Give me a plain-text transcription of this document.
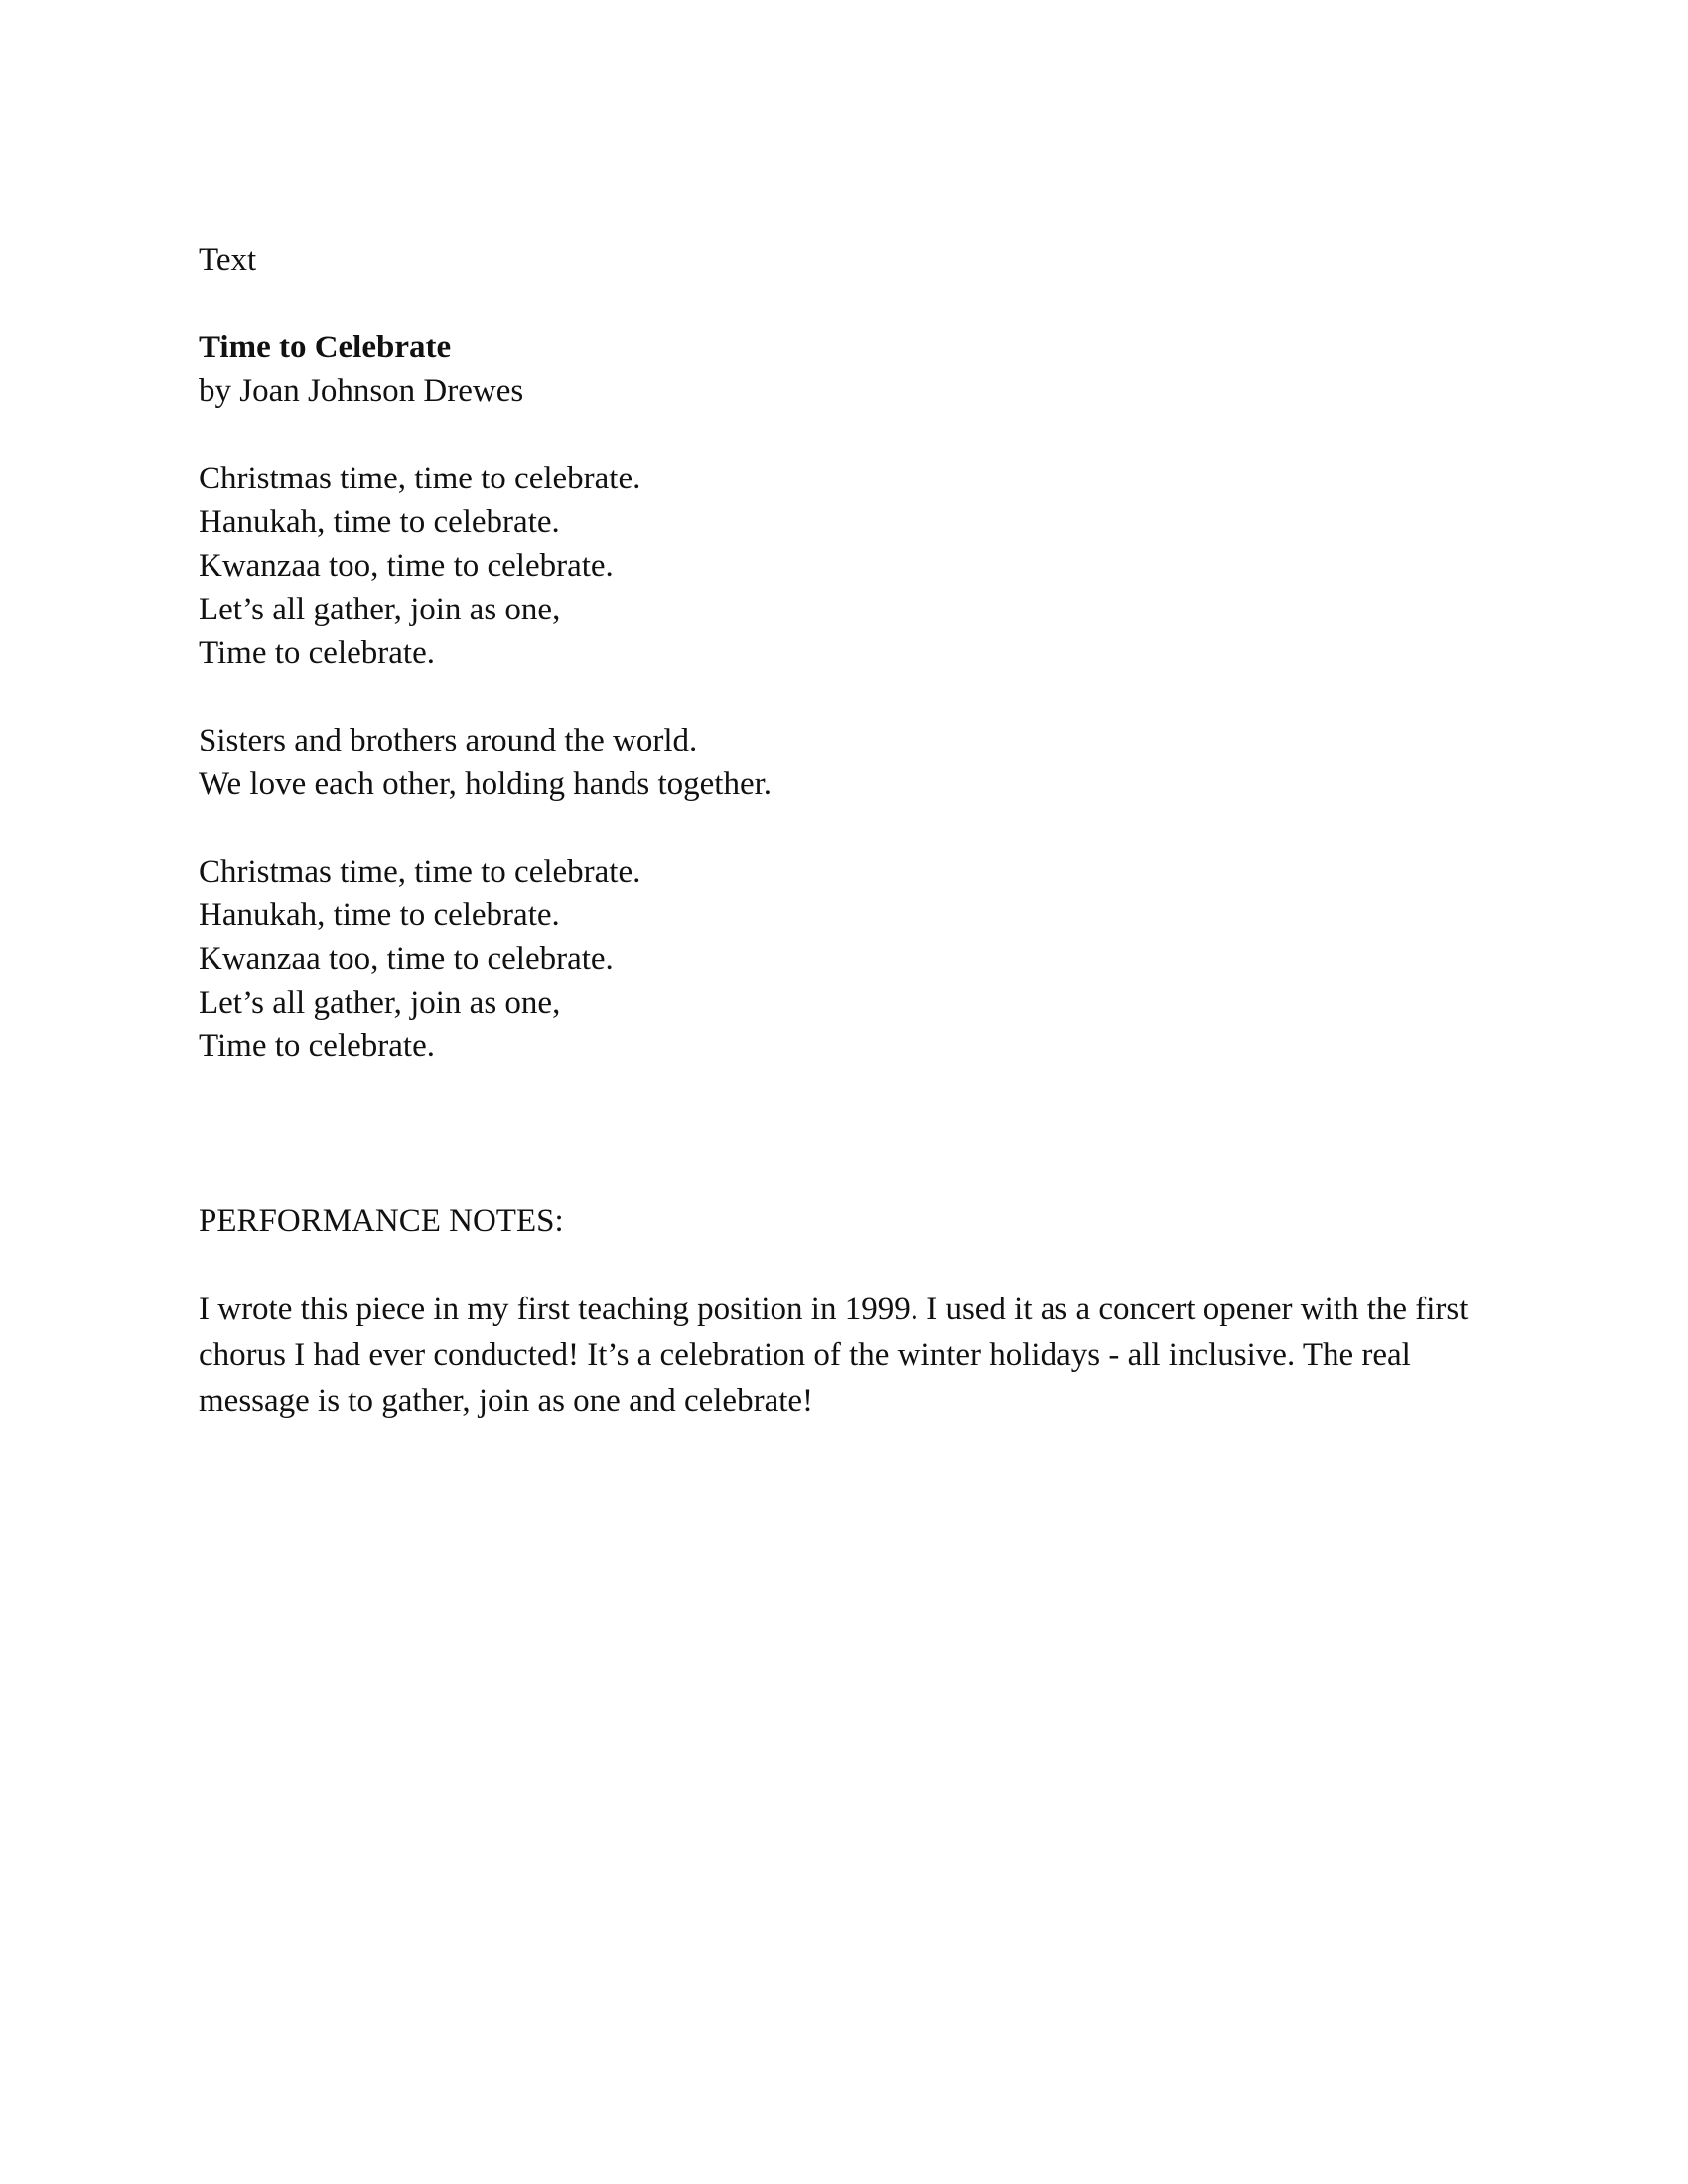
Text
Time to Celebrate
by Joan Johnson Drewes
Christmas time, time to celebrate.
Hanukah, time to celebrate.
Kwanzaa too, time to celebrate.
Let’s all gather, join as one,
Time to celebrate.
Sisters and brothers around the world.
We love each other, holding hands together.
Christmas time, time to celebrate.
Hanukah, time to celebrate.
Kwanzaa too, time to celebrate.
Let’s all gather, join as one,
Time to celebrate.
PERFORMANCE NOTES:

I wrote this piece in my first teaching position in 1999. I used it as a concert opener with the first chorus I had ever conducted! It’s a celebration of the winter holidays - all inclusive. The real message is to gather, join as one and celebrate!
